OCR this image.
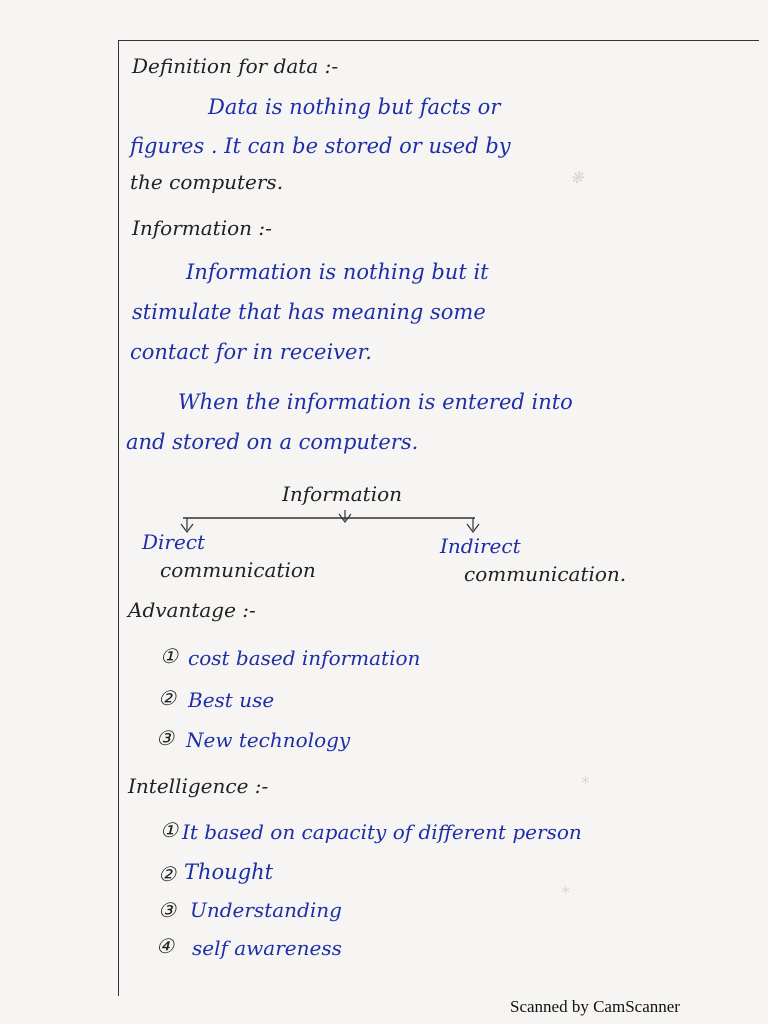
❋
∗
∗
Definition for data :-
Data is nothing but facts or
figures . It can be stored or used by
the computers.
Information :-
Information is nothing but it
stimulate that has meaning some
contact for in receiver.
When the information is entered into
and stored on a computers.
Information
Direct
communication
Indirect
communication.
Advantage :-
① cost based information
② Best use
③ New technology
Intelligence :-
① It based on capacity of different person
② Thought
③ Understanding
④ self awareness
Scanned by CamScanner
